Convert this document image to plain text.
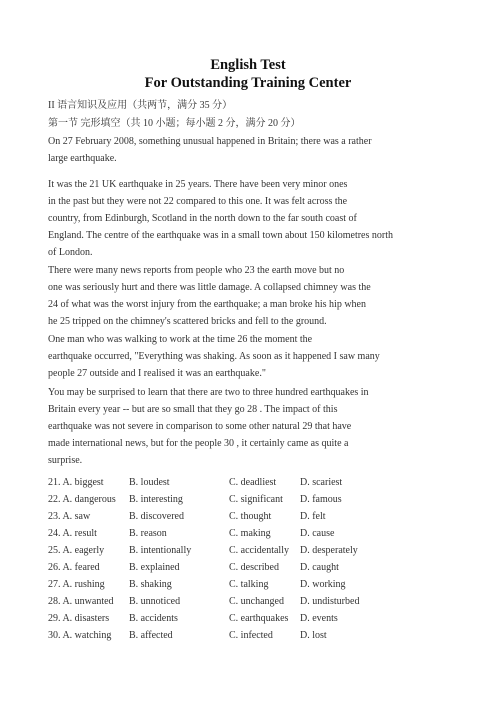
English Test
For Outstanding Training Center
II 语言知识及应用（共两节，满分 35 分）
第一节 完形填空（共 10 小题；每小题 2 分，满分 20 分）
On 27 February 2008, something unusual happened in Britain; there was a rather
large earthquake.
It was the 21 UK earthquake in 25 years. There have been very minor ones
in the past but they were not 22 compared to this one. It was felt across the
country, from Edinburgh, Scotland in the north down to the far south coast of
England. The centre of the earthquake was in a small town about 150 kilometres north
of London.
There were many news reports from people who 23 the earth move but no
one was seriously hurt and there was little damage. A collapsed chimney was the
24 of what was the worst injury from the earthquake; a man broke his hip when
he 25 tripped on the chimney's scattered bricks and fell to the ground.
One man who was walking to work at the time 26 the moment the
earthquake occurred, "Everything was shaking. As soon as it happened I saw many
people 27 outside and I realised it was an earthquake."
You may be surprised to learn that there are two to three hundred earthquakes in
Britain every year -- but are so small that they go 28 . The impact of this
earthquake was not severe in comparison to some other natural 29 that have
made international news, but for the people 30 , it certainly came as quite a
surprise.
21. A. biggest	B. loudest	C. deadliest D. scariest
22. A. dangerous B. interesting	C. significant D. famous
23. A. saw	B. discovered	C. thought	D. felt
24. A. result	B. reason	C. making	D. cause
25. A. eagerly B. intentionally	C. accidentally D. desperately
26. A. feared	B. explained	C. described D. caught
27. A. rushing B. shaking	C. talking	D. working
28. A. unwanted B. unnoticed	C. unchanged D. undisturbed
29. A. disasters B. accidents	C. earthquakes D. events
30. A. watching B. affected	C. infected	D. lost
